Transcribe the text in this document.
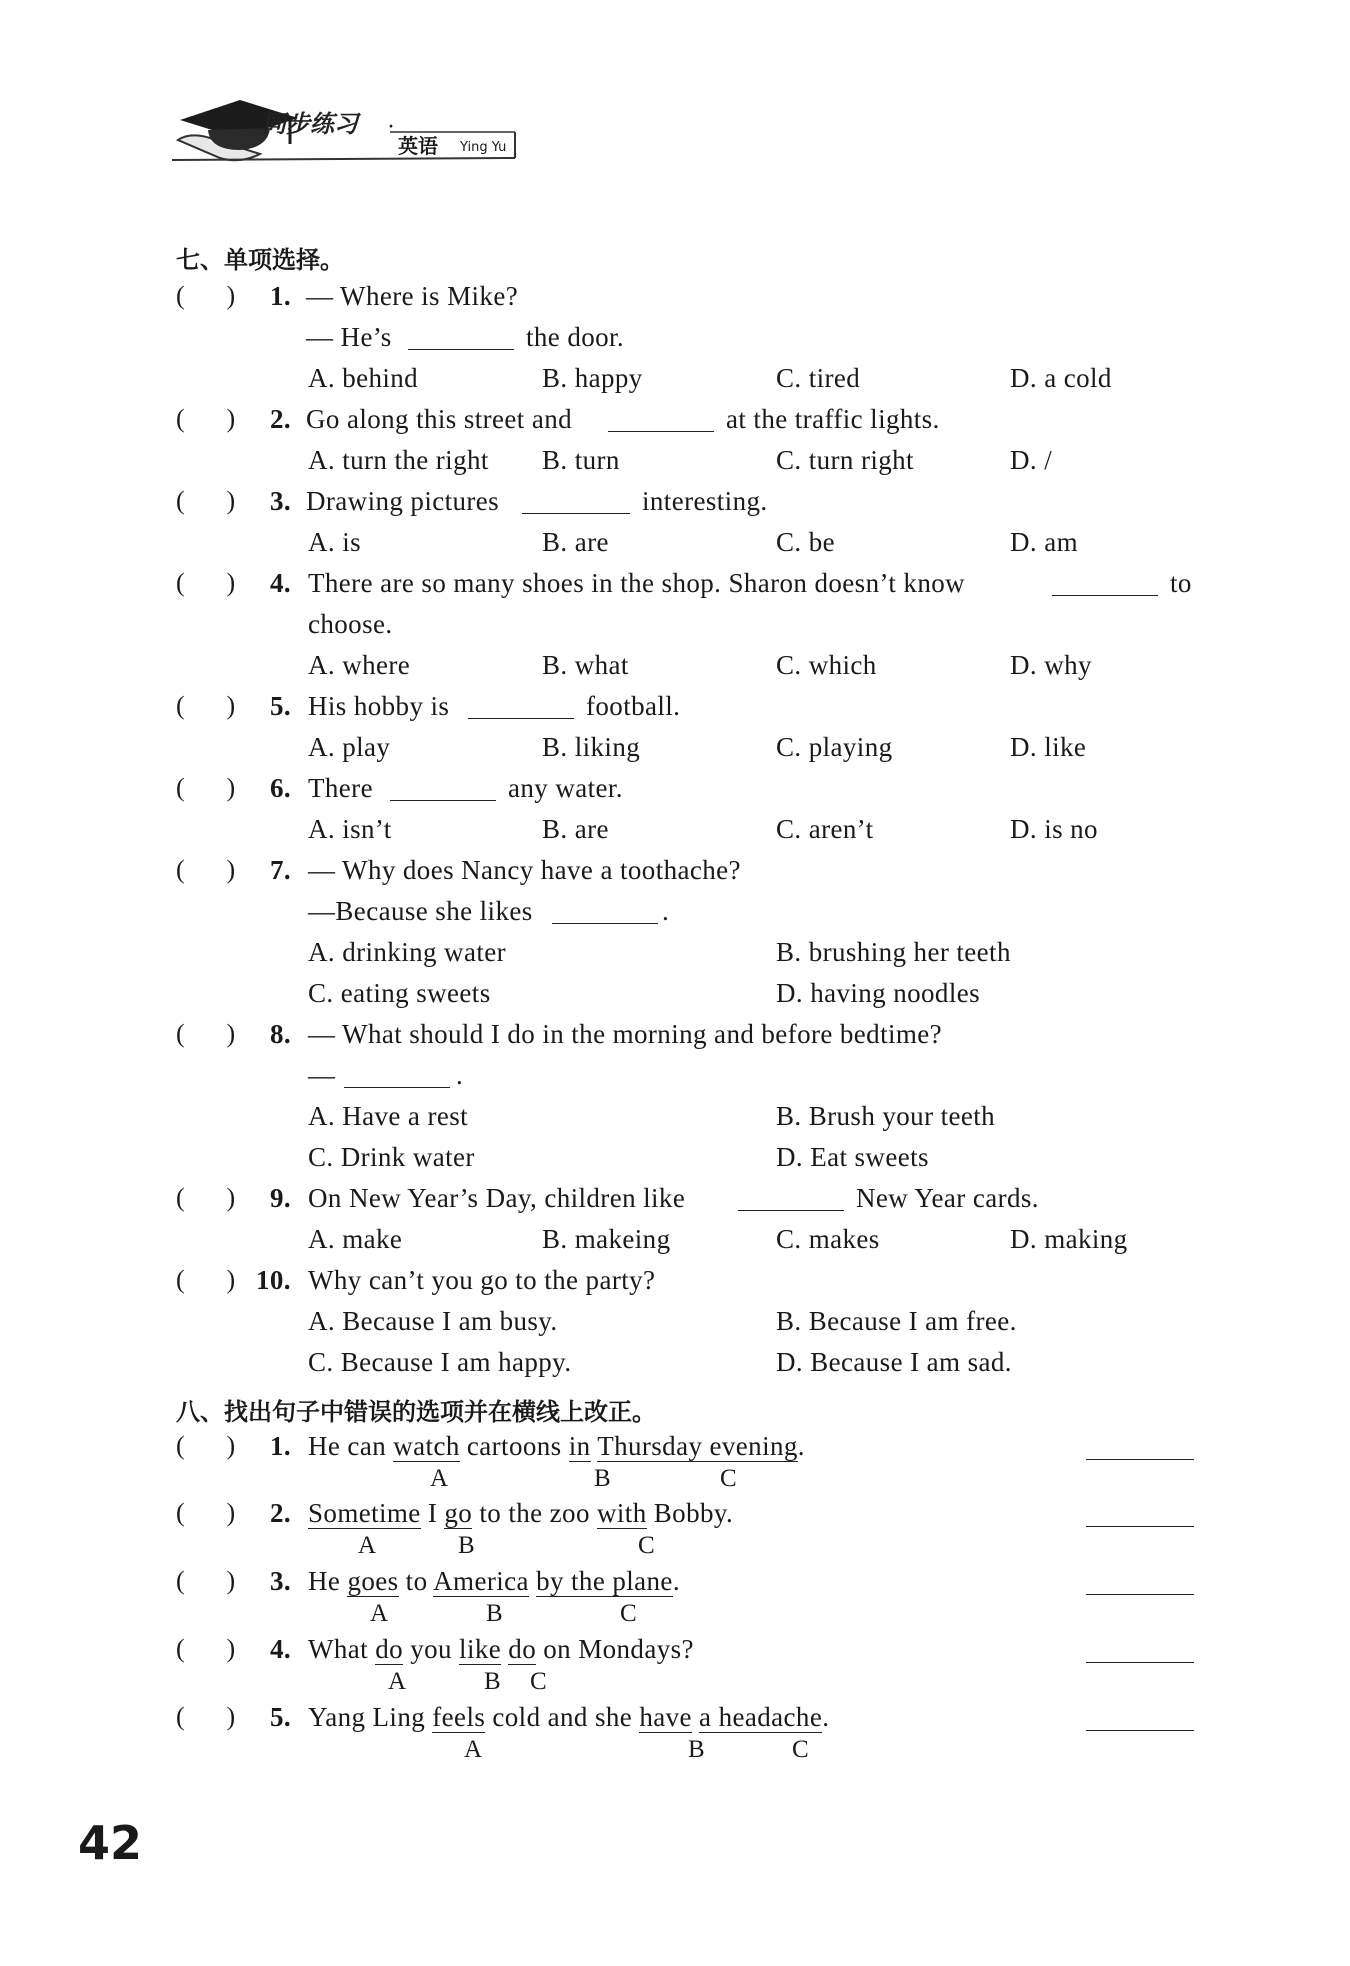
同步练习 ·
英语 Ying Yu
七、单项选择。
(      ) 1. — Where is Mike?
— He’s	the door.
A. behind	B. happy	C. tired	D. a cold
(      ) 2. Go along this street and	at the traffic lights.
A. turn the right B. turn	C. turn right	D. /
(      ) 3. Drawing pictures	interesting.
A. is	B. are	C. be	D. am
(      ) 4. There are so many shoes in the shop. Sharon doesn’t know	to
choose.
A. where	B. what	C. which	D. why
(      ) 5. His hobby is	football.
A. play	B. liking	C. playing	D. like
(      ) 6. There	any water.
A. isn’t	B. are	C. aren’t	D. is no
(      ) 7. — Why does Nancy have a toothache?
—Because she likes	.
A. drinking water	B. brushing her teeth
C. eating sweets	D. having noodles
(      ) 8. — What should I do in the morning and before bedtime?
—	.
A. Have a rest	B. Brush your teeth
C. Drink water	D. Eat sweets
(      ) 9. On New Year’s Day, children like	New Year cards.
A. make	B. makeing	C. makes	D. making
(      ) 10. Why can’t you go to the party?
A. Because I am busy.	B. Because I am free.
C. Because I am happy.	D. Because I am sad.
八、找出句子中错误的选项并在横线上改正。
(      ) 1. He can watch cartoons in Thursday evening.
A	B	C
(      ) 2. Sometime I go to the zoo with Bobby.
A	B	C
(      ) 3. He goes to America by the plane.
A	B	C
(      ) 4. What do you like do on Mondays?
A	B C
(      ) 5. Yang Ling feels cold and she have a headache.
A	B	C
42
